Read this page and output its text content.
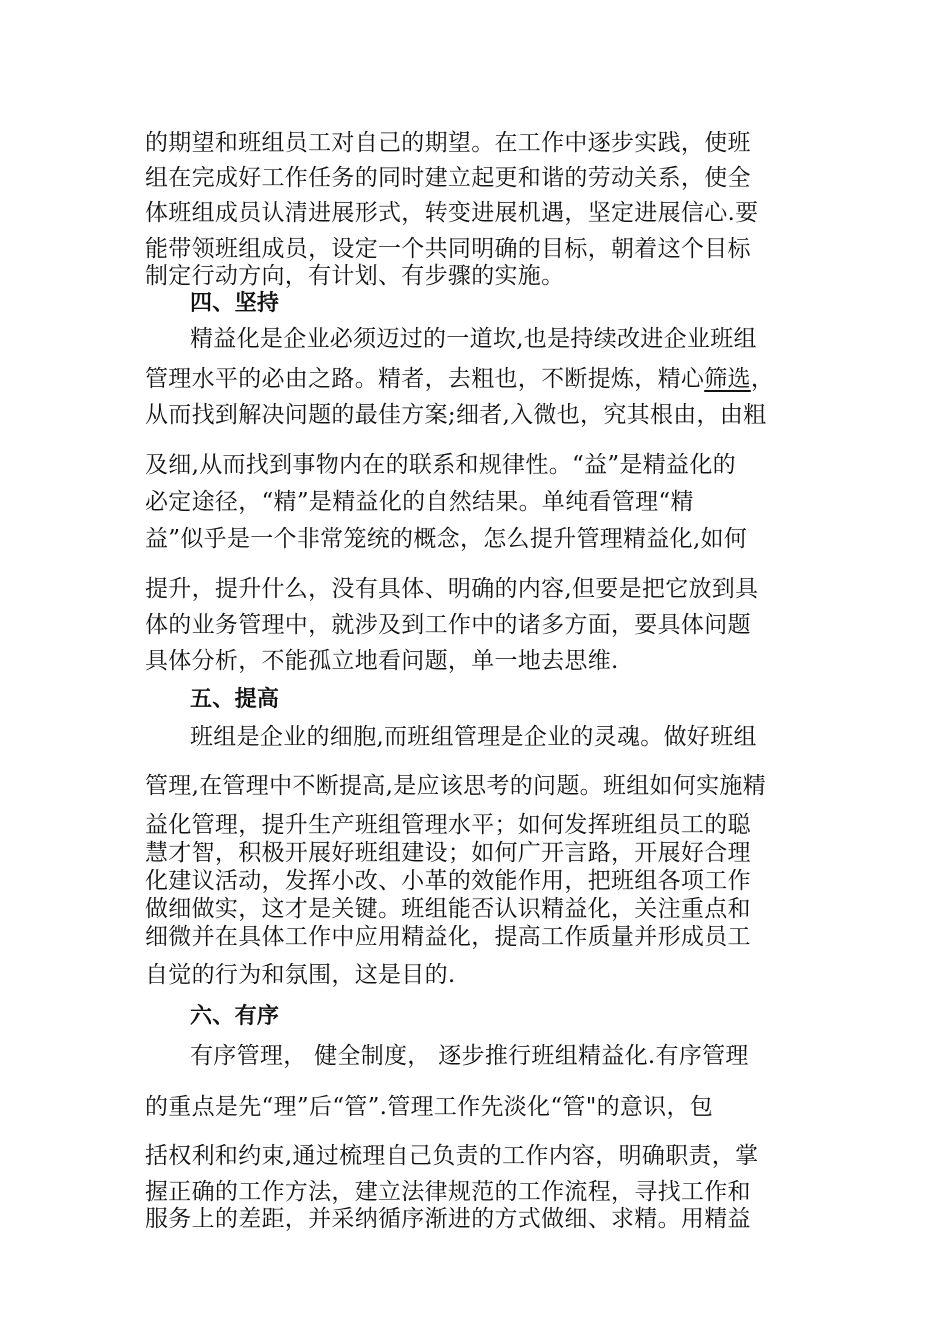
的期望和班组员工对自己的期望。在工作中逐步实践，使班
组在完成好工作任务的同时建立起更和谐的劳动关系，使全
体班组成员认清进展形式，转变进展机遇，坚定进展信心.要
能带领班组成员，设定一个共同明确的目标，朝着这个目标
制定行动方向，有计划、有步骤的实施。
四、坚持
精益化是企业必须迈过的一道坎,也是持续改进企业班组
管理水平的必由之路。精者，去粗也，不断提炼，精心筛选，
从而找到解决问题的最佳方案;细者,入微也，究其根由，由粗
及细,从而找到事物内在的联系和规律性。“益”是精益化的
必定途径，“精”是精益化的自然结果。单纯看管理“精
益”似乎是一个非常笼统的概念，怎么提升管理精益化,如何
提升，提升什么，没有具体、明确的内容,但要是把它放到具
体的业务管理中，就涉及到工作中的诸多方面，要具体问题
具体分析，不能孤立地看问题，单一地去思维.
五、提高
班组是企业的细胞,而班组管理是企业的灵魂。做好班组
管理,在管理中不断提高,是应该思考的问题。班组如何实施精
益化管理，提升生产班组管理水平；如何发挥班组员工的聪
慧才智，积极开展好班组建设；如何广开言路，开展好合理
化建议活动，发挥小改、小革的效能作用，把班组各项工作
做细做实，这才是关键。班组能否认识精益化，关注重点和
细微并在具体工作中应用精益化，提高工作质量并形成员工
自觉的行为和氛围，这是目的.
六、有序
有序管理， 健全制度， 逐步推行班组精益化.有序管理
的重点是先“理”后“管”.管理工作先淡化“管"的意识，包
括权利和约束,通过梳理自己负责的工作内容，明确职责，掌
握正确的工作方法，建立法律规范的工作流程，寻找工作和
服务上的差距，并采纳循序渐进的方式做细、求精。用精益
